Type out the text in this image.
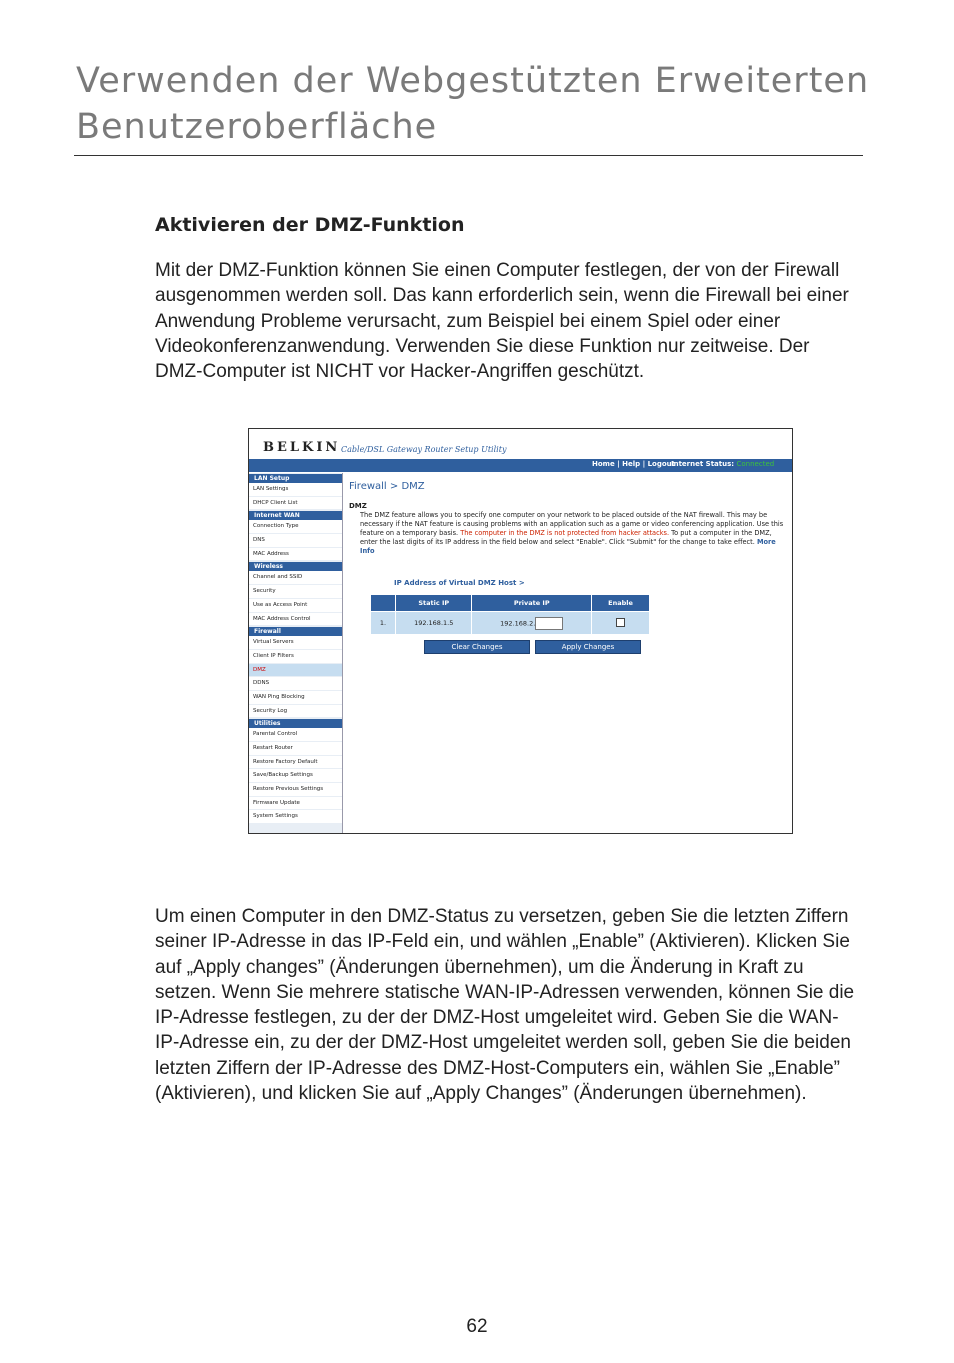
Verwenden der Webgestützten Erweiterten Benutzeroberfläche
Aktivieren der DMZ-Funktion

Mit der DMZ-Funktion können Sie einen Computer festlegen, der von der Firewall ausgenommen werden soll. Das kann erforderlich sein, wenn die Firewall bei einer Anwendung Probleme verursacht, zum Beispiel bei einem Spiel oder einer Videokonferenzanwendung. Verwenden Sie diese Funktion nur zeitweise. Der DMZ-Computer ist NICHT vor Hacker-Angriffen geschützt.

BELKIN Cable/DSL Gateway Router Setup Utility
Home | Help | Logout
Internet Status: Connected
LAN Setup
LAN Settings
DHCP Client List
Internet WAN
Connection Type
DNS
MAC Address
Wireless
Channel and SSID
Security
Use as Access Point
MAC Address Control
Firewall
Virtual Servers
Client IP Filters
DMZ
DDNS
WAN Ping Blocking
Security Log
Utilities
Parental Control
Restart Router
Restore Factory Default
Save/Backup Settings
Restore Previous Settings
Firmware Update
System Settings

Firewall > DMZ

DMZ
The DMZ feature allows you to specify one computer on your network to be placed outside of the NAT firewall. This may be necessary if the NAT feature is causing problems with an application such as a game or video conferencing application. Use this feature on a temporary basis. The computer in the DMZ is not protected from hacker attacks. To put a computer in the DMZ, enter the last digits of its IP address in the field below and select "Enable". Click "Submit" for the change to take effect. More Info
IP Address of Virtual DMZ Host >
	Static IP	Private IP	Enable
1.	192.168.1.5	192.168.2.	
Clear Changes	Apply Changes

Um einen Computer in den DMZ-Status zu versetzen, geben Sie die letzten Ziffern seiner IP-Adresse in das IP-Feld ein, und wählen „Enable” (Aktivieren). Klicken Sie auf „Apply changes” (Änderungen übernehmen), um die Änderung in Kraft zu setzen. Wenn Sie mehrere statische WAN-IP-Adressen verwenden, können Sie die IP-Adresse festlegen, zu der der DMZ-Host umgeleitet wird. Geben Sie die WAN-IP-Adresse ein, zu der der DMZ-Host umgeleitet werden soll, geben Sie die beiden letzten Ziffern der IP-Adresse des DMZ-Host-Computers ein, wählen Sie „Enable” (Aktivieren), und klicken Sie auf „Apply Changes” (Änderungen übernehmen).

62
